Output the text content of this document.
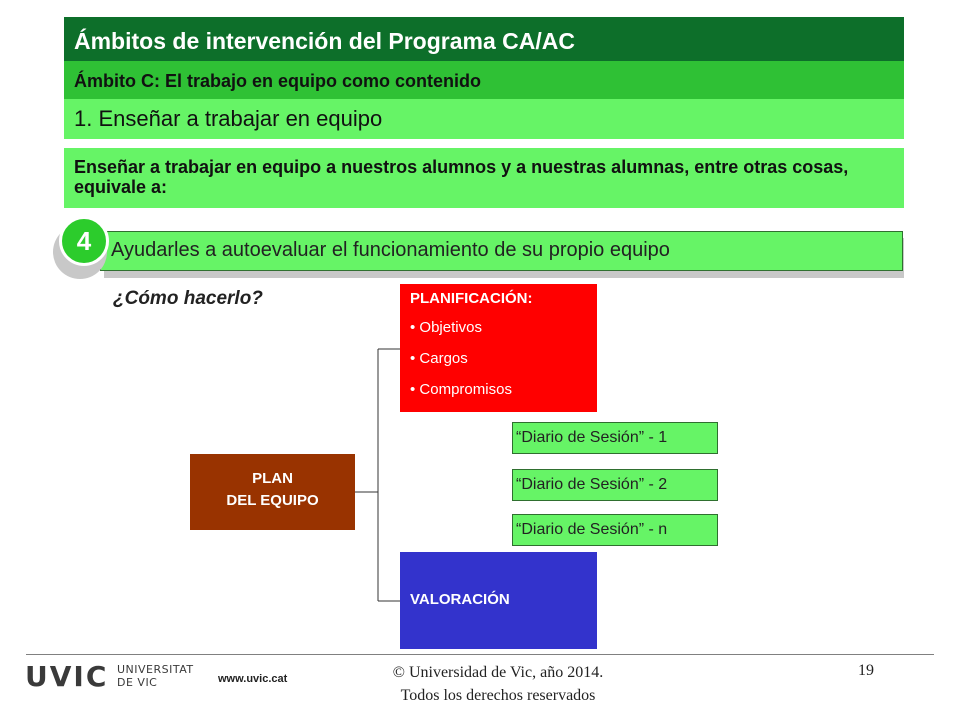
Ámbitos de intervención del Programa CA/AC
Ámbito C: El trabajo en equipo como contenido
1. Enseñar a trabajar en equipo
Enseñar a trabajar en equipo a nuestros alumnos y a nuestras alumnas, entre otras cosas, equivale a:
Ayudarles a autoevaluar el funcionamiento de su propio equipo
4
¿Cómo hacerlo?
PLAN
DEL EQUIPO
PLANIFICACIÓN:
• Objetivos
• Cargos
• Compromisos
“Diario de Sesión” - 1
“Diario de Sesión” - 2
“Diario de Sesión” - n
VALORACIÓN
UVIC UNIVERSITAT
DE VIC	www.uvic.cat	© Universidad de Vic, año 2014.
Todos los derechos reservados
19
